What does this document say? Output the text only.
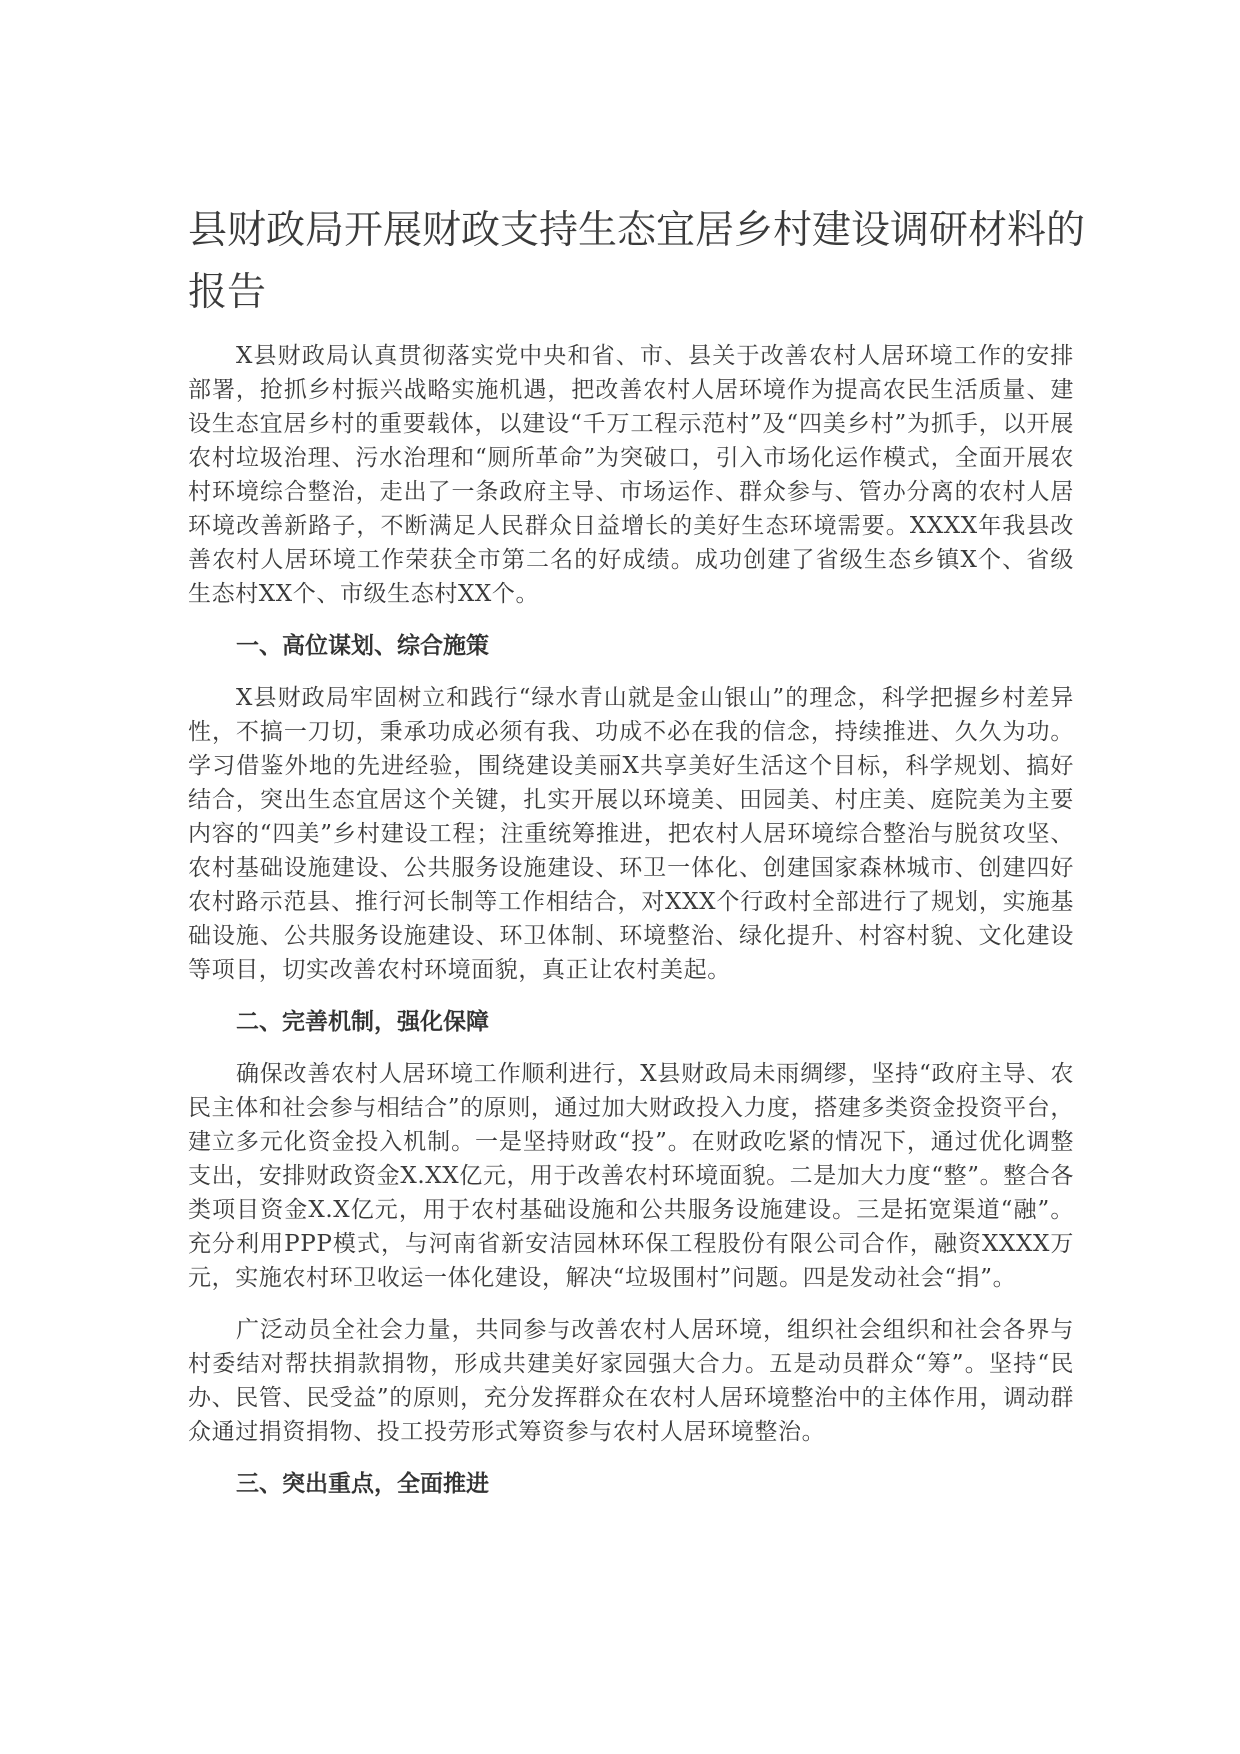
县财政局开展财政支持生态宜居乡村建设调研材料的报告

X县财政局认真贯彻落实党中央和省、市、县关于改善农村人居环境工作的安排部署，抢抓乡村振兴战略实施机遇，把改善农村人居环境作为提高农民生活质量、建设生态宜居乡村的重要载体，以建设“千万工程示范村”及“四美乡村”为抓手，以开展农村垃圾治理、污水治理和“厕所革命”为突破口，引入市场化运作模式，全面开展农村环境综合整治，走出了一条政府主导、市场运作、群众参与、管办分离的农村人居环境改善新路子，不断满足人民群众日益增长的美好生态环境需要。XXXX年我县改善农村人居环境工作荣获全市第二名的好成绩。成功创建了省级生态乡镇X个、省级生态村XX个、市级生态村XX个。

一、高位谋划、综合施策

X县财政局牢固树立和践行“绿水青山就是金山银山”的理念，科学把握乡村差异性，不搞一刀切，秉承功成必须有我、功成不必在我的信念，持续推进、久久为功。学习借鉴外地的先进经验，围绕建设美丽X共享美好生活这个目标，科学规划、搞好结合，突出生态宜居这个关键，扎实开展以环境美、田园美、村庄美、庭院美为主要内容的“四美”乡村建设工程；注重统筹推进，把农村人居环境综合整治与脱贫攻坚、农村基础设施建设、公共服务设施建设、环卫一体化、创建国家森林城市、创建四好农村路示范县、推行河长制等工作相结合，对XXX个行政村全部进行了规划，实施基础设施、公共服务设施建设、环卫体制、环境整治、绿化提升、村容村貌、文化建设等项目，切实改善农村环境面貌，真正让农村美起。

二、完善机制，强化保障

确保改善农村人居环境工作顺利进行，X县财政局未雨绸缪，坚持“政府主导、农民主体和社会参与相结合”的原则，通过加大财政投入力度，搭建多类资金投资平台，建立多元化资金投入机制。一是坚持财政“投”。在财政吃紧的情况下，通过优化调整支出，安排财政资金X.XX亿元，用于改善农村环境面貌。二是加大力度“整”。整合各类项目资金X.X亿元，用于农村基础设施和公共服务设施建设。三是拓宽渠道“融”。充分利用PPP模式，与河南省新安洁园林环保工程股份有限公司合作，融资XXXX万元，实施农村环卫收运一体化建设，解决“垃圾围村”问题。四是发动社会“捐”。

广泛动员全社会力量，共同参与改善农村人居环境，组织社会组织和社会各界与村委结对帮扶捐款捐物，形成共建美好家园强大合力。五是动员群众“筹”。坚持“民办、民管、民受益”的原则，充分发挥群众在农村人居环境整治中的主体作用，调动群众通过捐资捐物、投工投劳形式筹资参与农村人居环境整治。

三、突出重点，全面推进
